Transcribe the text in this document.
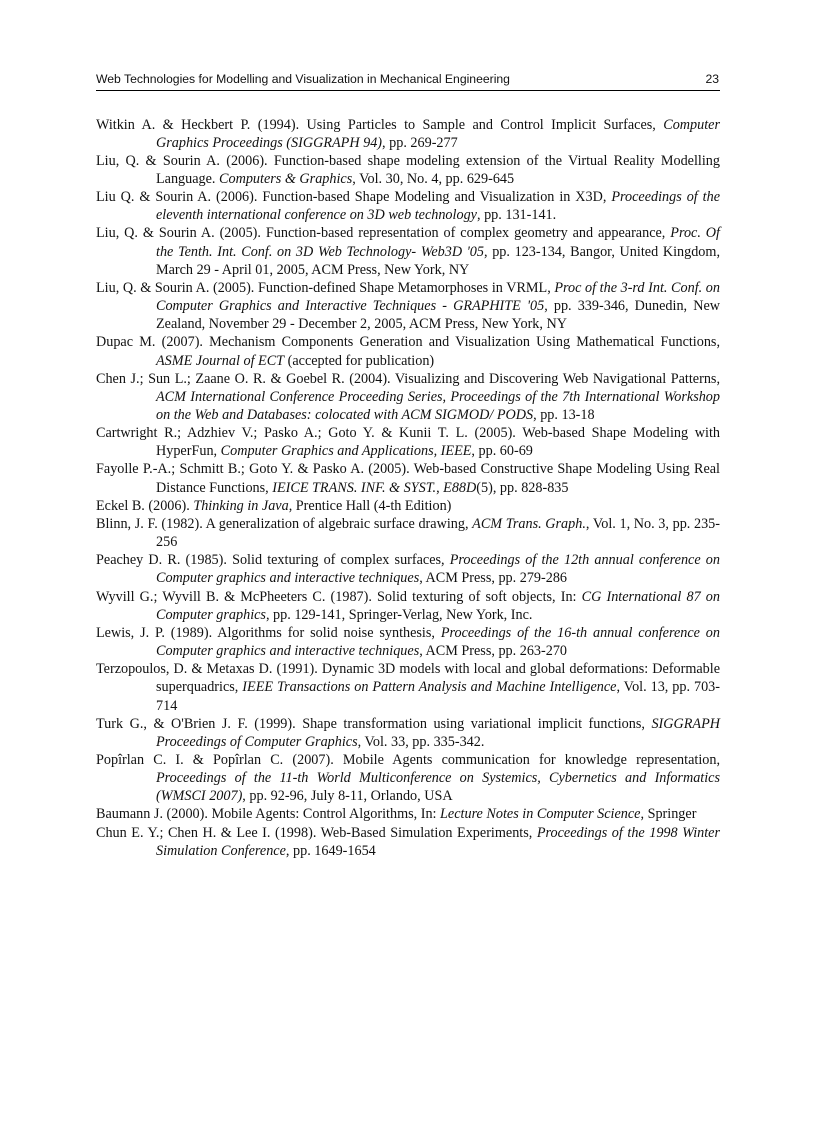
Web Technologies for Modelling and Visualization in Mechanical Engineering	23

Witkin A. & Heckbert P. (1994). Using Particles to Sample and Control Implicit Surfaces, Computer Graphics Proceedings (SIGGRAPH 94), pp. 269-277

Liu, Q. & Sourin A. (2006). Function-based shape modeling extension of the Virtual Reality Modelling Language. Computers & Graphics, Vol. 30, No. 4, pp. 629-645

Liu Q. & Sourin A. (2006). Function-based Shape Modeling and Visualization in X3D, Proceedings of the eleventh international conference on 3D web technology, pp. 131-141.

Liu, Q. & Sourin A. (2005). Function-based representation of complex geometry and appearance, Proc. Of the Tenth. Int. Conf. on 3D Web Technology- Web3D '05, pp. 123-134, Bangor, United Kingdom, March 29 - April 01, 2005, ACM Press, New York, NY

Liu, Q. & Sourin A. (2005). Function-defined Shape Metamorphoses in VRML, Proc of the 3-rd Int. Conf. on Computer Graphics and Interactive Techniques - GRAPHITE '05, pp. 339-346, Dunedin, New Zealand, November 29 - December 2, 2005, ACM Press, New York, NY

Dupac M. (2007). Mechanism Components Generation and Visualization Using Mathematical Functions, ASME Journal of ECT (accepted for publication)

Chen J.; Sun L.; Zaane O. R. & Goebel R. (2004). Visualizing and Discovering Web Navigational Patterns, ACM International Conference Proceeding Series, Proceedings of the 7th International Workshop on the Web and Databases: colocated with ACM SIGMOD/ PODS, pp. 13-18

Cartwright R.; Adzhiev V.; Pasko A.; Goto Y. & Kunii T. L. (2005). Web-based Shape Modeling with HyperFun, Computer Graphics and Applications, IEEE, pp. 60-69

Fayolle P.-A.; Schmitt B.; Goto Y. & Pasko A. (2005). Web-based Constructive Shape Modeling Using Real Distance Functions, IEICE TRANS. INF. & SYST., E88D(5), pp. 828-835

Eckel B. (2006). Thinking in Java, Prentice Hall (4-th Edition)

Blinn, J. F. (1982). A generalization of algebraic surface drawing, ACM Trans. Graph., Vol. 1, No. 3, pp. 235-256

Peachey D. R. (1985). Solid texturing of complex surfaces, Proceedings of the 12th annual conference on Computer graphics and interactive techniques, ACM Press, pp. 279-286

Wyvill G.; Wyvill B. & McPheeters C. (1987). Solid texturing of soft objects, In: CG International 87 on Computer graphics, pp. 129-141, Springer-Verlag, New York, Inc.

Lewis, J. P. (1989). Algorithms for solid noise synthesis, Proceedings of the 16-th annual conference on Computer graphics and interactive techniques, ACM Press, pp. 263-270

Terzopoulos, D. & Metaxas D. (1991). Dynamic 3D models with local and global deformations: Deformable superquadrics, IEEE Transactions on Pattern Analysis and Machine Intelligence, Vol. 13, pp. 703-714

Turk G., & O'Brien J. F. (1999). Shape transformation using variational implicit functions, SIGGRAPH Proceedings of Computer Graphics, Vol. 33, pp. 335-342.

Popîrlan C. I. & Popîrlan C. (2007). Mobile Agents communication for knowledge representation, Proceedings of the 11-th World Multiconference on Systemics, Cybernetics and Informatics (WMSCI 2007), pp. 92-96, July 8-11, Orlando, USA

Baumann J. (2000). Mobile Agents: Control Algorithms, In: Lecture Notes in Computer Science, Springer

Chun E. Y.; Chen H. & Lee I. (1998). Web-Based Simulation Experiments, Proceedings of the 1998 Winter Simulation Conference, pp. 1649-1654
